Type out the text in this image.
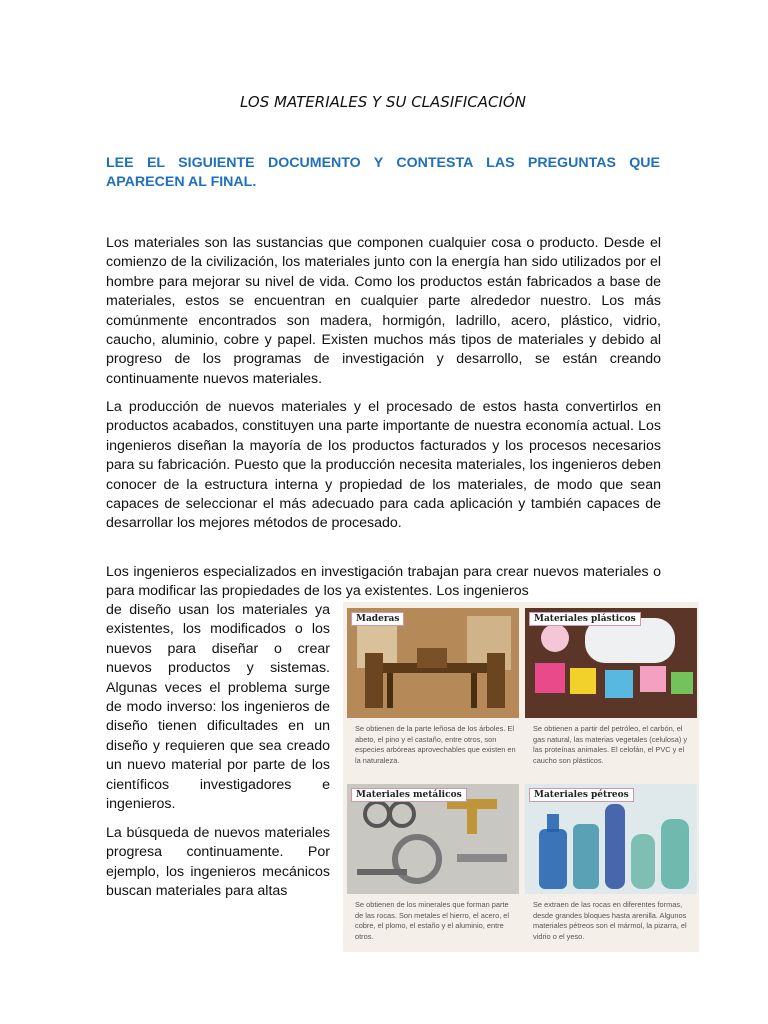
LOS MATERIALES Y SU CLASIFICACIÓN
LEE EL SIGUIENTE DOCUMENTO Y CONTESTA LAS PREGUNTAS QUE APARECEN AL FINAL.

Los materiales son las sustancias que componen cualquier cosa o producto. Desde el comienzo de la civilización, los materiales junto con la energía han sido utilizados por el hombre para mejorar su nivel de vida. Como los productos están fabricados a base de materiales, estos se encuentran en cualquier parte alrededor nuestro. Los más comúnmente encontrados son madera, hormigón, ladrillo, acero, plástico, vidrio, caucho, aluminio, cobre y papel. Existen muchos más tipos de materiales y debido al progreso de los programas de investigación y desarrollo, se están creando continuamente nuevos materiales.

La producción de nuevos materiales y el procesado de estos hasta convertirlos en productos acabados, constituyen una parte importante de nuestra economía actual. Los ingenieros diseñan la mayoría de los productos facturados y los procesos necesarios para su fabricación. Puesto que la producción necesita materiales, los ingenieros deben conocer de la estructura interna y propiedad de los materiales, de modo que sean capaces de seleccionar el más adecuado para cada aplicación y también capaces de desarrollar los mejores métodos de procesado.

Los ingenieros especializados en investigación trabajan para crear nuevos materiales o para modificar las propiedades de los ya existentes. Los ingenieros

de diseño usan los materiales ya existentes, los modificados o los nuevos para diseñar o crear nuevos productos y sistemas. Algunas veces el problema surge de modo inverso: los ingenieros de diseño tienen dificultades en un diseño y requieren que sea creado un nuevo material por parte de los científicos investigadores e ingenieros.

La búsqueda de nuevos materiales progresa continuamente. Por ejemplo, los ingenieros mecánicos buscan materiales para altas

Maderas
Se obtienen de la parte leñosa de los árboles. El abeto, el pino y el castaño, entre otros, son especies arbóreas aprovechables que existen en la naturaleza.
Materiales plásticos
Se obtienen a partir del petróleo, el carbón, el gas natural, las materias vegetales (celulosa) y las proteínas animales. El celofán, el PVC y el caucho son plásticos.
Materiales metálicos
Se obtienen de los minerales que forman parte de las rocas. Son metales el hierro, el acero, el cobre, el plomo, el estaño y el aluminio, entre otros.
Materiales pétreos
Se extraen de las rocas en diferentes formas, desde grandes bloques hasta arenilla. Algunos materiales pétreos son el mármol, la pizarra, el vidrio o el yeso.
